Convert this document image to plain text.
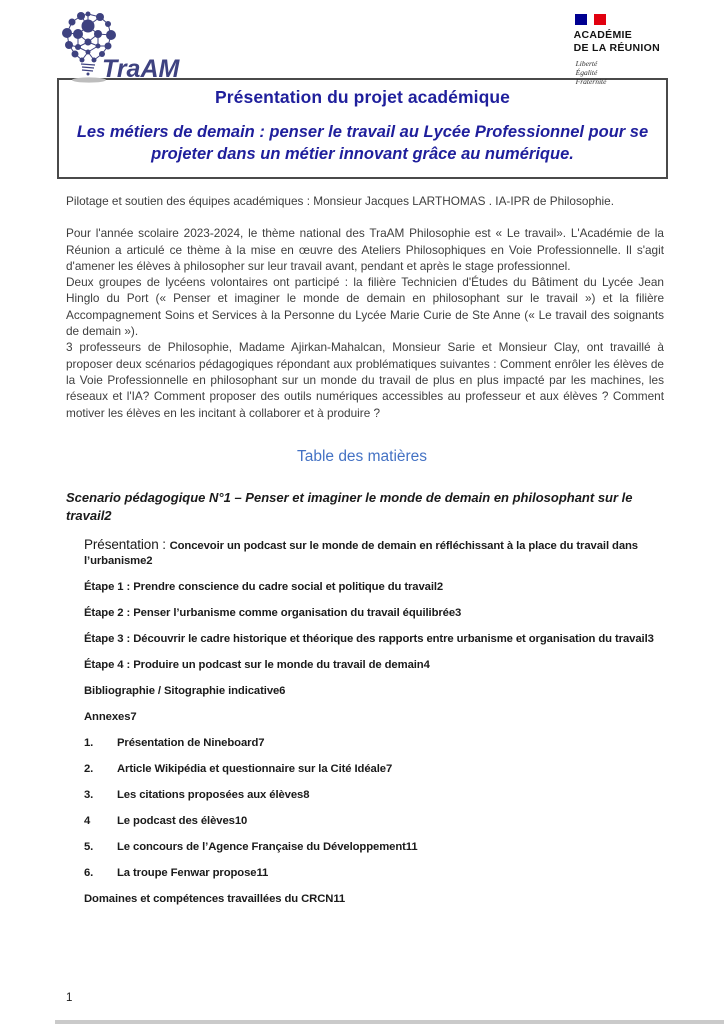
TraAM
ACADÉMIE
DE LA RÉUNION
Liberté
Égalité
Fraternité
Présentation du projet académique
Les métiers de demain : penser le travail au Lycée Professionnel pour se projeter dans un métier innovant grâce au numérique.

Pilotage et soutien des équipes académiques : Monsieur Jacques LARTHOMAS . IA-IPR de Philosophie.

Pour l'année scolaire 2023-2024, le thème national des TraAM Philosophie est « Le travail». L'Académie de la Réunion a articulé ce thème à la mise en œuvre des Ateliers Philosophiques en Voie Professionnelle. Il s'agit d'amener les élèves à philosopher sur leur travail avant, pendant et après le stage professionnel.

Deux groupes de lycéens volontaires ont participé : la filière Technicien d'Études du Bâtiment du Lycée Jean Hinglo du Port (« Penser et imaginer le monde de demain en philosophant sur le travail ») et la filière Accompagnement Soins et Services à la Personne du Lycée Marie Curie de Ste Anne (« Le travail des soignants de demain »).

3 professeurs de Philosophie, Madame Ajirkan-Mahalcan, Monsieur Sarie et Monsieur Clay, ont travaillé à proposer deux scénarios pédagogiques répondant aux problématiques suivantes : Comment enrôler les élèves de la Voie Professionnelle en philosophant sur un monde du travail de plus en plus impacté par les machines, les réseaux et l'IA? Comment proposer des outils numériques accessibles au professeur et aux élèves ? Comment motiver les élèves en les incitant à collaborer et à produire ?

Table des matières
Scenario pédagogique N°1 – Penser et imaginer le monde de demain en philosophant sur le travail2
Présentation : Concevoir un podcast sur le monde de demain en réfléchissant à la place du travail dans l’urbanisme2
Étape 1 : Prendre conscience du cadre social et politique du travail2
Étape 2 : Penser l’urbanisme comme organisation du travail équilibrée3
Étape 3 : Découvrir le cadre historique et théorique des rapports entre urbanisme et organisation du travail3
Étape 4 : Produire un podcast sur le monde du travail de demain4
Bibliographie / Sitographie indicative6
Annexes7
1.	Présentation de Nineboard7
2.	Article Wikipédia et questionnaire sur la Cité Idéale7
3.	Les citations proposées aux élèves8
4	Le podcast des élèves10
5.	Le concours de l’Agence Française du Développement11
6.	La troupe Fenwar propose11
Domaines et compétences travaillées du CRCN11
1
